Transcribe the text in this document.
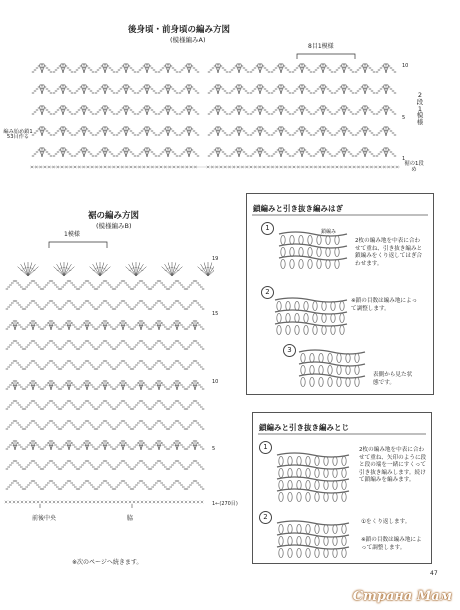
後身頃・前身頃の編み方図
(模様編みA)
8目1模様
編み始め鎖153目作る
10
5
1
2段1模様
裾の1段め
裾の編み方図
(模様編みB)
1模様
19
15
10
5
1←(270目)
前後中央	脇
※次のページへ続きます。
鎖編みと引き抜き編みはぎ
1	鎖編み
2枚の編み地を中表に合わせて重ね、引き抜き編みと鎖編みをくり返してはぎ合わせます。
2
※鎖の目数は編み地によって調整します。
3
表側から見た状態です。
鎖編みと引き抜き編みとじ
1	2枚の編み地を中表に合わせて重ね、矢印のように段と段の端を一緒にすくって引き抜き編みします。続けて鎖編みを編みます。
2
①をくり返します。
※鎖の目数は編み地によって調整します。
47
Страна Мам
